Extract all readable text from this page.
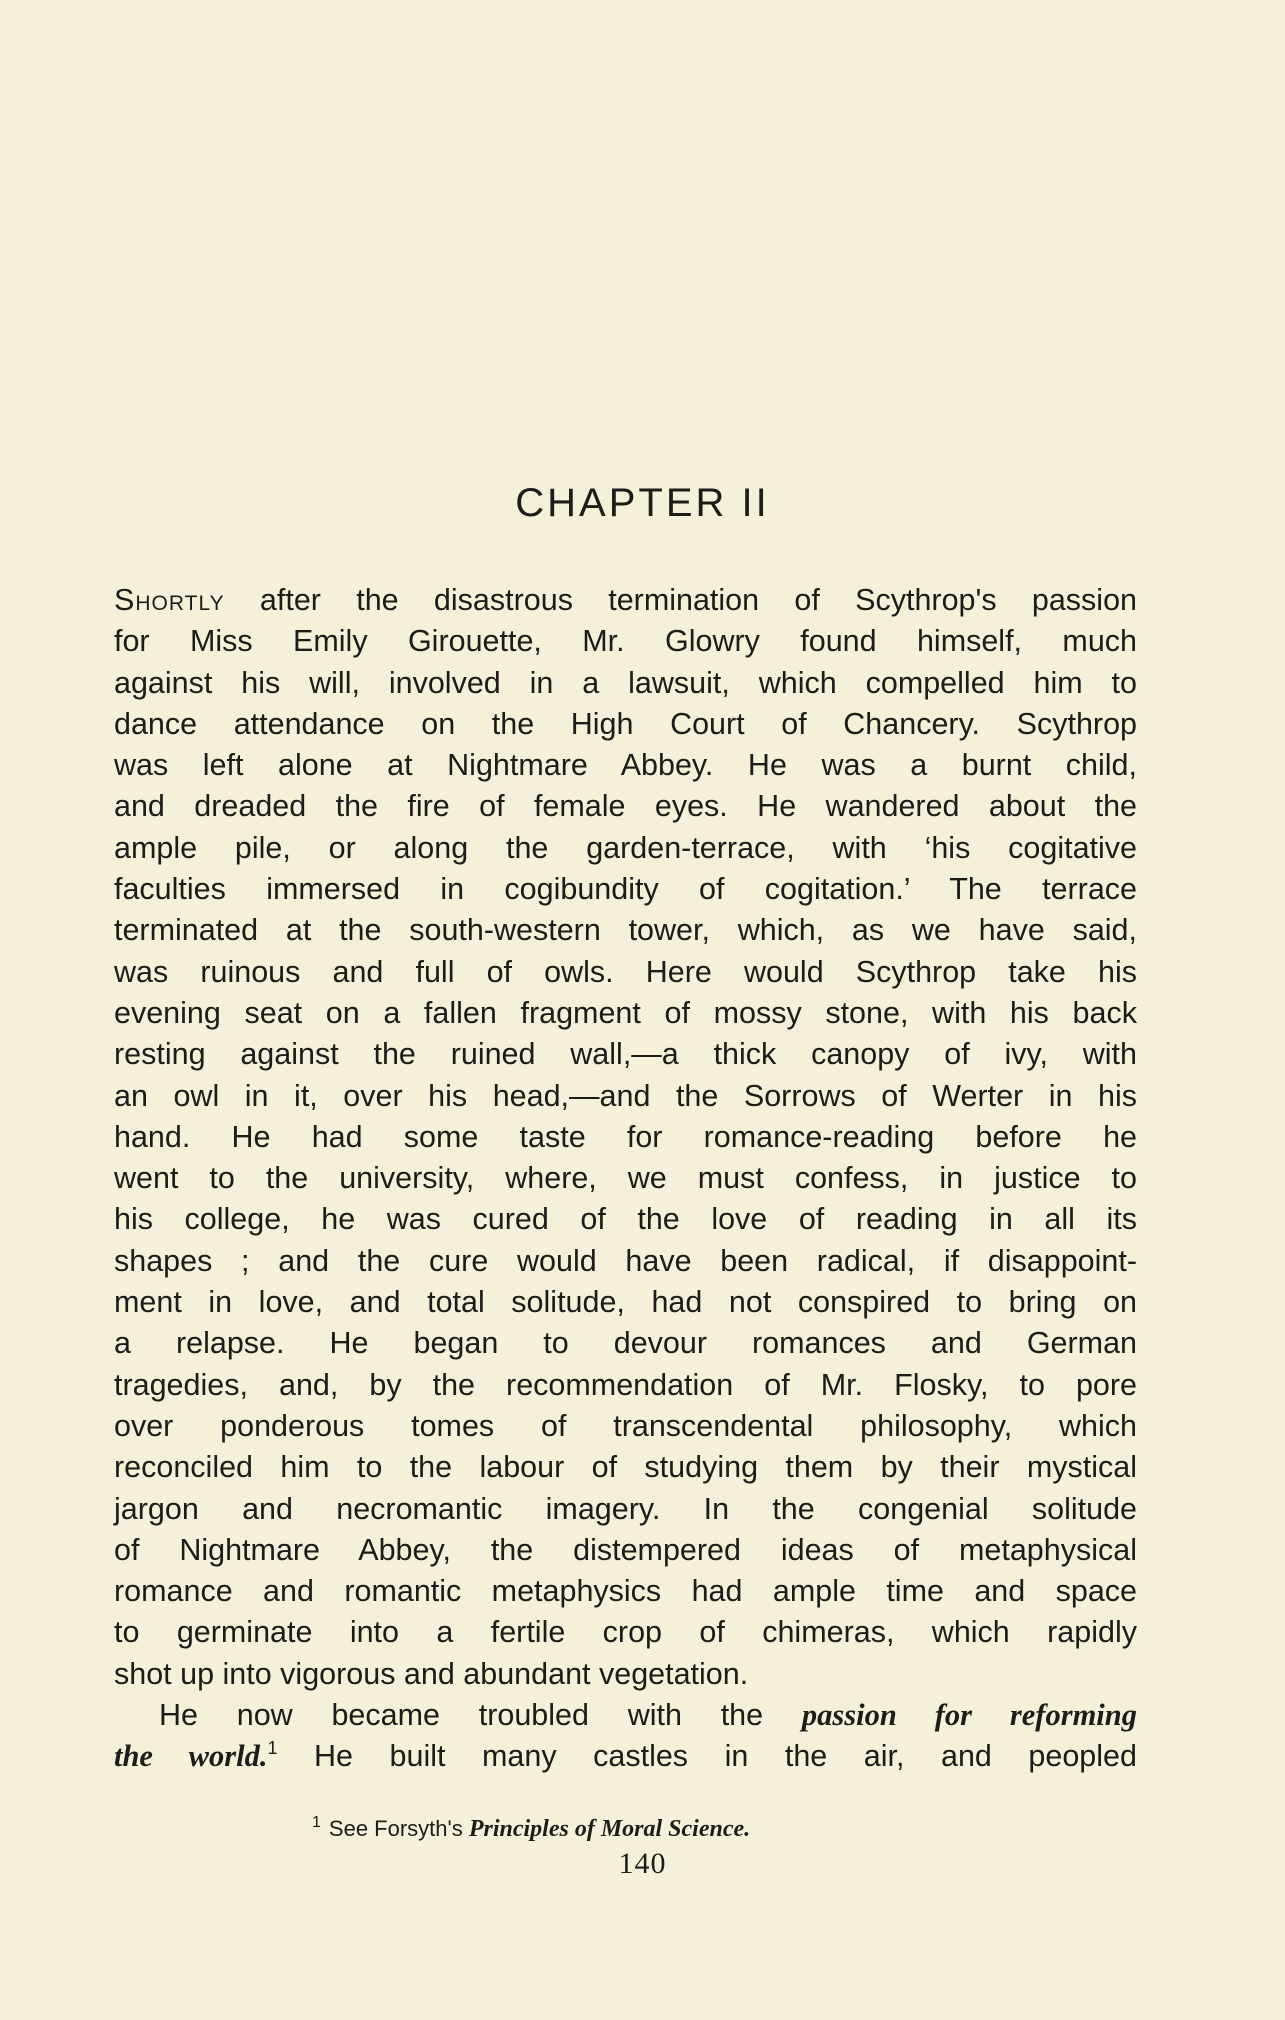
CHAPTER II
Shortly after the disastrous termination of Scythrop's passion
for Miss Emily Girouette, Mr. Glowry found himself, much
against his will, involved in a lawsuit, which compelled him to
dance attendance on the High Court of Chancery. Scythrop
was left alone at Nightmare Abbey. He was a burnt child,
and dreaded the fire of female eyes. He wandered about the
ample pile, or along the garden-terrace, with ‘his cogitative
faculties immersed in cogibundity of cogitation.’ The terrace
terminated at the south-western tower, which, as we have said,
was ruinous and full of owls. Here would Scythrop take his
evening seat on a fallen fragment of mossy stone, with his back
resting against the ruined wall,—a thick canopy of ivy, with
an owl in it, over his head,—and the Sorrows of Werter in his
hand. He had some taste for romance-reading before he
went to the university, where, we must confess, in justice to
his college, he was cured of the love of reading in all its
shapes ; and the cure would have been radical, if disappoint-
ment in love, and total solitude, had not conspired to bring on
a relapse. He began to devour romances and German
tragedies, and, by the recommendation of Mr. Flosky, to pore
over ponderous tomes of transcendental philosophy, which
reconciled him to the labour of studying them by their mystical
jargon and necromantic imagery. In the congenial solitude
of Nightmare Abbey, the distempered ideas of metaphysical
romance and romantic metaphysics had ample time and space
to germinate into a fertile crop of chimeras, which rapidly
shot up into vigorous and abundant vegetation.
He now became troubled with the passion for reforming
the world.$^1$ He built many castles in the air, and peopled
$^1$ See Forsyth's Principles of Moral Science.
140
